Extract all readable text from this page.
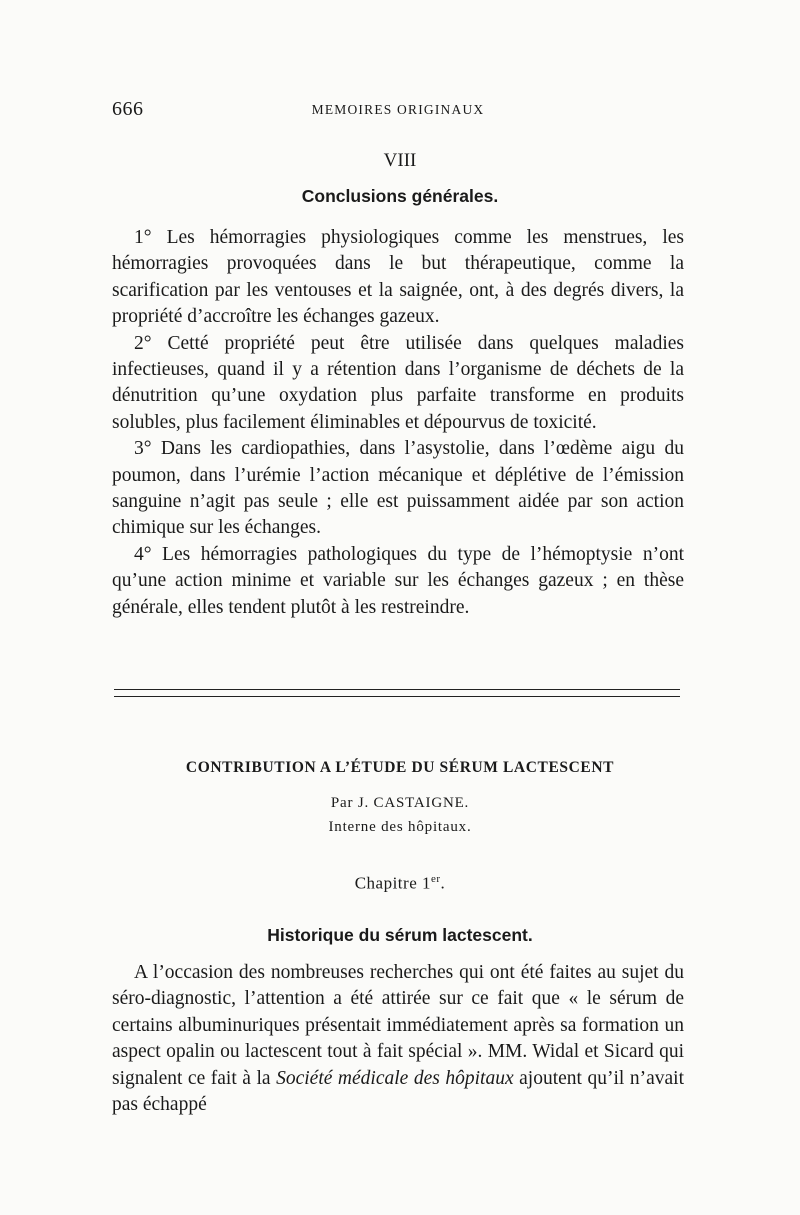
666	MEMOIRES ORIGINAUX
VIII
Conclusions générales.

1° Les hémorragies physiologiques comme les menstrues, les hémorragies provoquées dans le but thérapeutique, comme la scarification par les ventouses et la saignée, ont, à des degrés divers, la propriété d’accroître les échanges gazeux.

2° Cetté propriété peut être utilisée dans quelques maladies infectieuses, quand il y a rétention dans l’organisme de déchets de la dénutrition qu’une oxydation plus parfaite transforme en produits solubles, plus facilement éliminables et dépourvus de toxicité.

3° Dans les cardiopathies, dans l’asystolie, dans l’œdème aigu du poumon, dans l’urémie l’action mécanique et déplétive de l’émission sanguine n’agit pas seule ; elle est puissamment aidée par son action chimique sur les échanges.

4° Les hémorragies pathologiques du type de l’hémoptysie n’ont qu’une action minime et variable sur les échanges gazeux ; en thèse générale, elles tendent plutôt à les restreindre.

CONTRIBUTION A L’ÉTUDE DU SÉRUM LACTESCENT
Par J. CASTAIGNE.
Interne des hôpitaux.
Chapitre 1er.
Historique du sérum lactescent.

A l’occasion des nombreuses recherches qui ont été faites au sujet du séro-diagnostic, l’attention a été attirée sur ce fait que « le sérum de certains albuminuriques présentait immédiatement après sa formation un aspect opalin ou lactescent tout à fait spécial ». MM. Widal et Sicard qui signalent ce fait à la Société médicale des hôpitaux ajoutent qu’il n’avait pas échappé
